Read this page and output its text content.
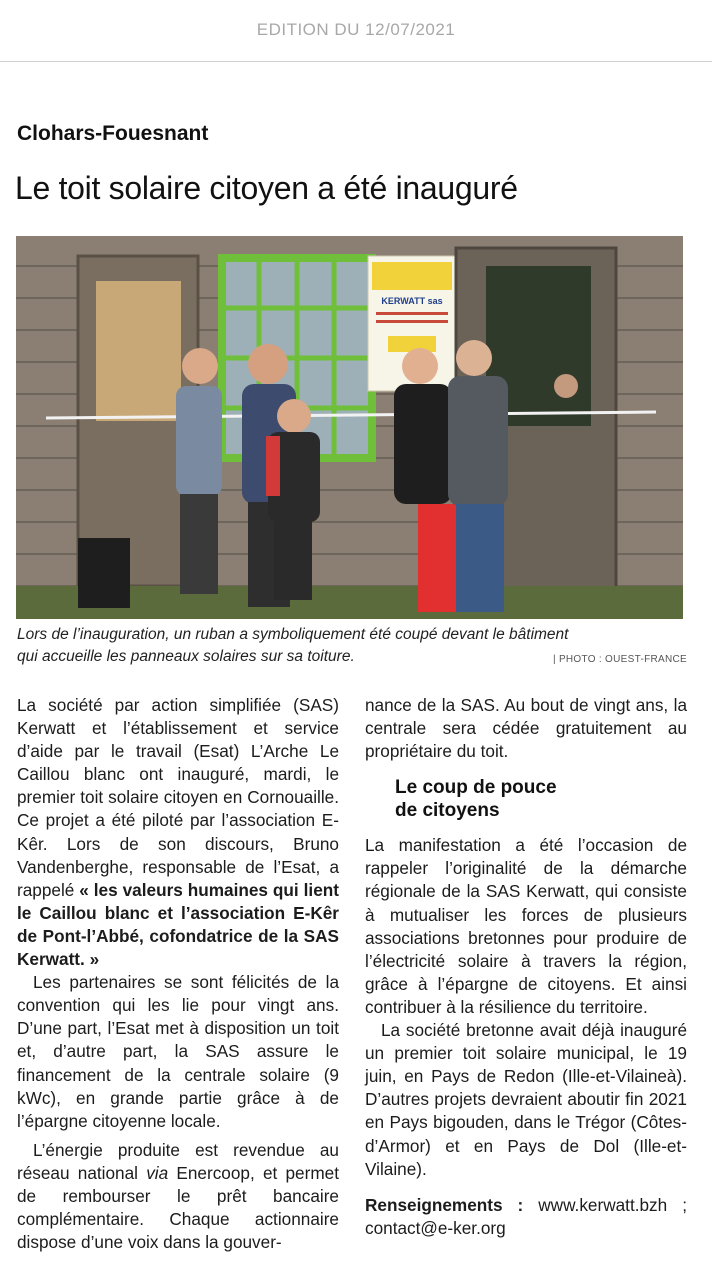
EDITION DU 12/07/2021
Clohars-Fouesnant
Le toit solaire citoyen a été inauguré
KERWATT sas
Lors de l’inauguration, un ruban a symboliquement été coupé devant le bâtiment
qui accueille les panneaux solaires sur sa toiture.	| PHOTO : OUEST-FRANCE

La société par action simplifiée (SAS) Kerwatt et l’établissement et service d’aide par le travail (Esat) L’Arche Le Caillou blanc ont inauguré, mardi, le premier toit solaire citoyen en Cornouaille. Ce projet a été piloté par l’association E-Kêr. Lors de son discours, Bruno Vandenberghe, responsable de l’Esat, a rappelé « les valeurs humaines qui lient le Caillou blanc et l’association E-Kêr de Pont-l’Abbé, cofondatrice de la SAS Kerwatt. »

Les partenaires se sont félicités de la convention qui les lie pour vingt ans. D’une part, l’Esat met à disposition un toit et, d’autre part, la SAS assure le financement de la centrale solaire (9 kWc), en grande partie grâce à de l’épargne citoyenne locale.

L’énergie produite est revendue au réseau national via Enercoop, et permet de rembourser le prêt bancaire complémentaire. Chaque actionnaire dispose d’une voix dans la gouver-

nance de la SAS. Au bout de vingt ans, la centrale sera cédée gratuitement au propriétaire du toit.

Le coup de pouce
de citoyens

La manifestation a été l’occasion de rappeler l’originalité de la démarche régionale de la SAS Kerwatt, qui consiste à mutualiser les forces de plusieurs associations bretonnes pour produire de l’électricité solaire à travers la région, grâce à l’épargne de citoyens. Et ainsi contribuer à la résilience du territoire.

La société bretonne avait déjà inauguré un premier toit solaire municipal, le 19 juin, en Pays de Redon (Ille-et-Vilaineà). D’autres projets devraient aboutir fin 2021 en Pays bigouden, dans le Trégor (Côtes-d’Armor) et en Pays de Dol (Ille-et-Vilaine).

Renseignements : www.kerwatt.bzh ; contact@e-ker.org
